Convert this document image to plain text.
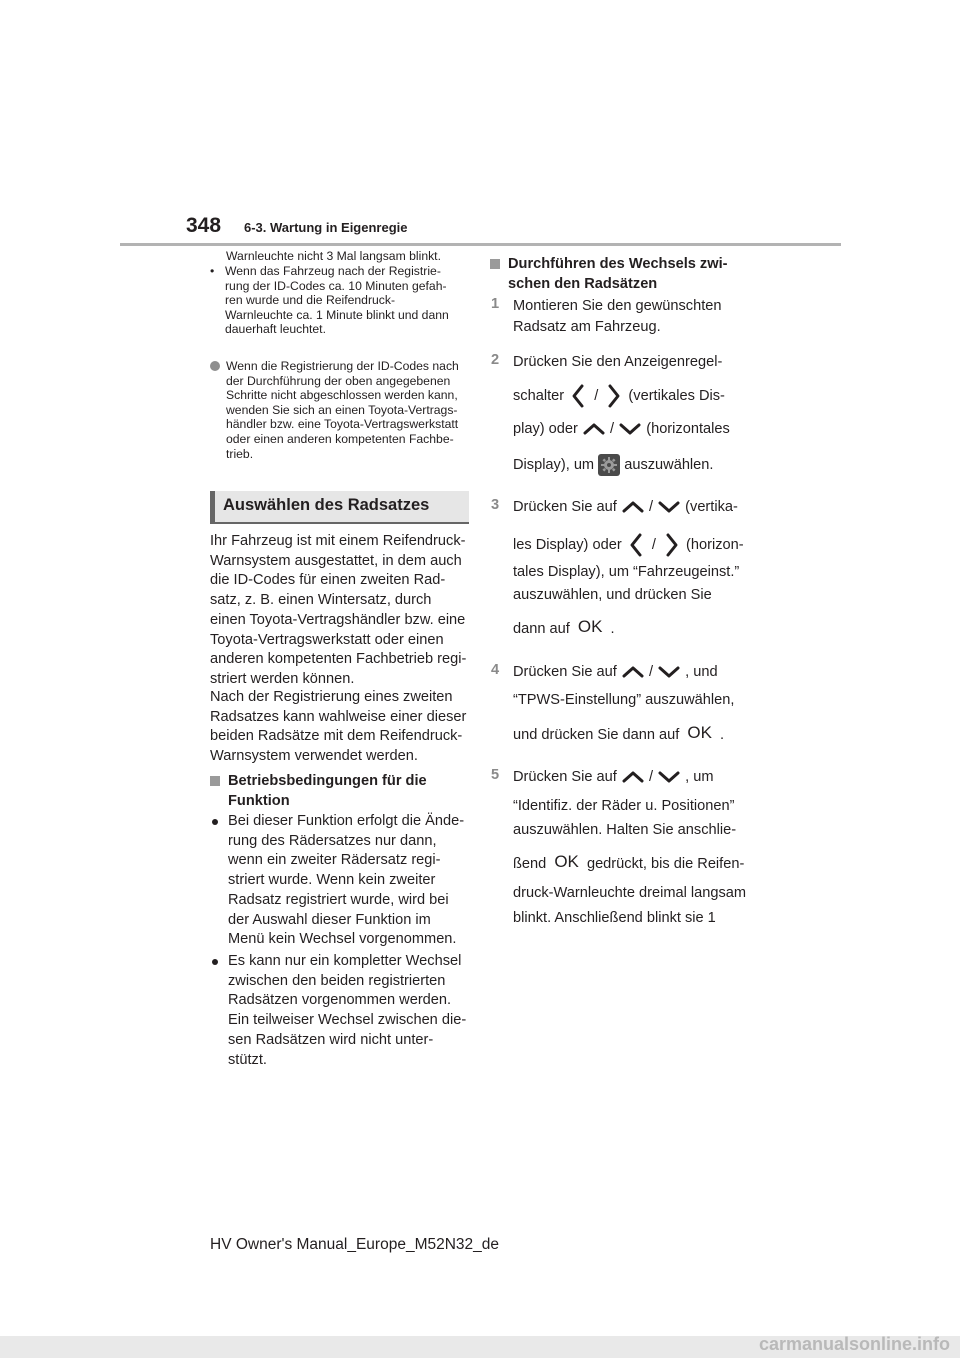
348 6-3. Wartung in Eigenregie
Warnleuchte nicht 3 Mal langsam blinkt.
• Wenn das Fahrzeug nach der Registrie-
rung der ID-Codes ca. 10 Minuten gefah-
ren wurde und die Reifendruck-
Warnleuchte ca. 1 Minute blinkt und dann
dauerhaft leuchtet.
Wenn die Registrierung der ID-Codes nach
der Durchführung der oben angegebenen
Schritte nicht abgeschlossen werden kann,
wenden Sie sich an einen Toyota-Vertrags-
händler bzw. eine Toyota-Vertragswerkstatt
oder einen anderen kompetenten Fachbe-
trieb.
Auswählen des Radsatzes
Ihr Fahrzeug ist mit einem Reifendruck-
Warnsystem ausgestattet, in dem auch
die ID-Codes für einen zweiten Rad-
satz, z. B. einen Wintersatz, durch
einen Toyota-Vertragshändler bzw. eine
Toyota-Vertragswerkstatt oder einen
anderen kompetenten Fachbetrieb regi-
striert werden können.
Nach der Registrierung eines zweiten
Radsatzes kann wahlweise einer dieser
beiden Radsätze mit dem Reifendruck-
Warnsystem verwendet werden.
Betriebsbedingungen für die
Funktion
Bei dieser Funktion erfolgt die Ände-
rung des Rädersatzes nur dann,
wenn ein zweiter Rädersatz regi-
striert wurde. Wenn kein zweiter
Radsatz registriert wurde, wird bei
der Auswahl dieser Funktion im
Menü kein Wechsel vorgenommen.
Es kann nur ein kompletter Wechsel
zwischen den beiden registrierten
Radsätzen vorgenommen werden.
Ein teilweiser Wechsel zwischen die-
sen Radsätzen wird nicht unter-
stützt.
Durchführen des Wechsels zwi-
schen den Radsätzen
1 Montieren Sie den gewünschten
Radsatz am Fahrzeug.
2 Drücken Sie den Anzeigenregel-
schalter / (vertikales Dis-
play) oder / (horizontales
Display), um auszuwählen.
3 Drücken Sie auf / (vertika-
les Display) oder / (horizon-
tales Display), um “Fahrzeugeinst.”
auszuwählen, und drücken Sie
dann auf OK .
4 Drücken Sie auf / , und
“TPWS-Einstellung” auszuwählen,
und drücken Sie dann auf OK .
5 Drücken Sie auf / , um
“Identifiz. der Räder u. Positionen”
auszuwählen. Halten Sie anschlie-
ßend OK gedrückt, bis die Reifen-
druck-Warnleuchte dreimal langsam
blinkt. Anschließend blinkt sie 1
HV Owner's Manual_Europe_M52N32_de
carmanualsonline.info
